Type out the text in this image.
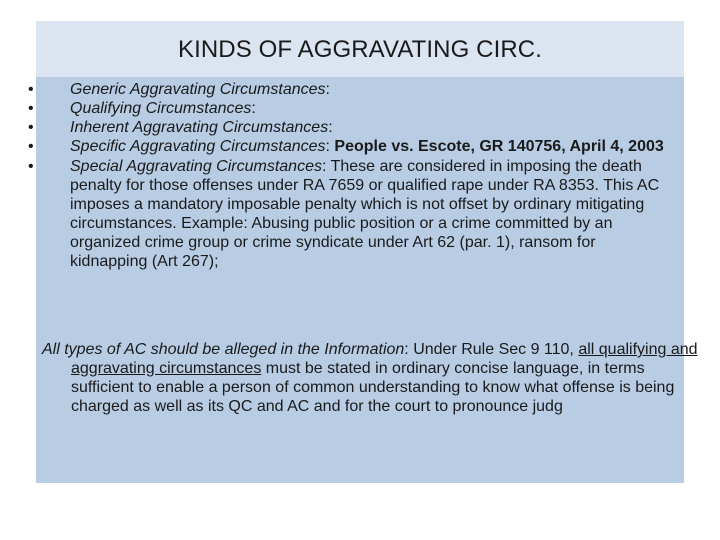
KINDS OF AGGRAVATING CIRC.
• Generic Aggravating Circumstances:
• Qualifying Circumstances:
• Inherent Aggravating Circumstances:
• Specific Aggravating Circumstances: People vs. Escote, GR 140756, April 4, 2003
• Special Aggravating Circumstances: These are considered in imposing the death penalty for those offenses under RA 7659 or qualified rape under RA 8353. This AC imposes a mandatory imposable penalty which is not offset by ordinary mitigating circumstances. Example: Abusing public position or a crime committed by an organized crime group or crime syndicate under Art 62 (par. 1), ransom for kidnapping (Art 267);

All types of AC should be alleged in the Information: Under Rule Sec 9 110, all qualifying and aggravating circumstances must be stated in ordinary concise language, in terms sufficient to enable a person of common understanding to know what offense is being charged as well as its QC and AC and for the court to pronounce judg
